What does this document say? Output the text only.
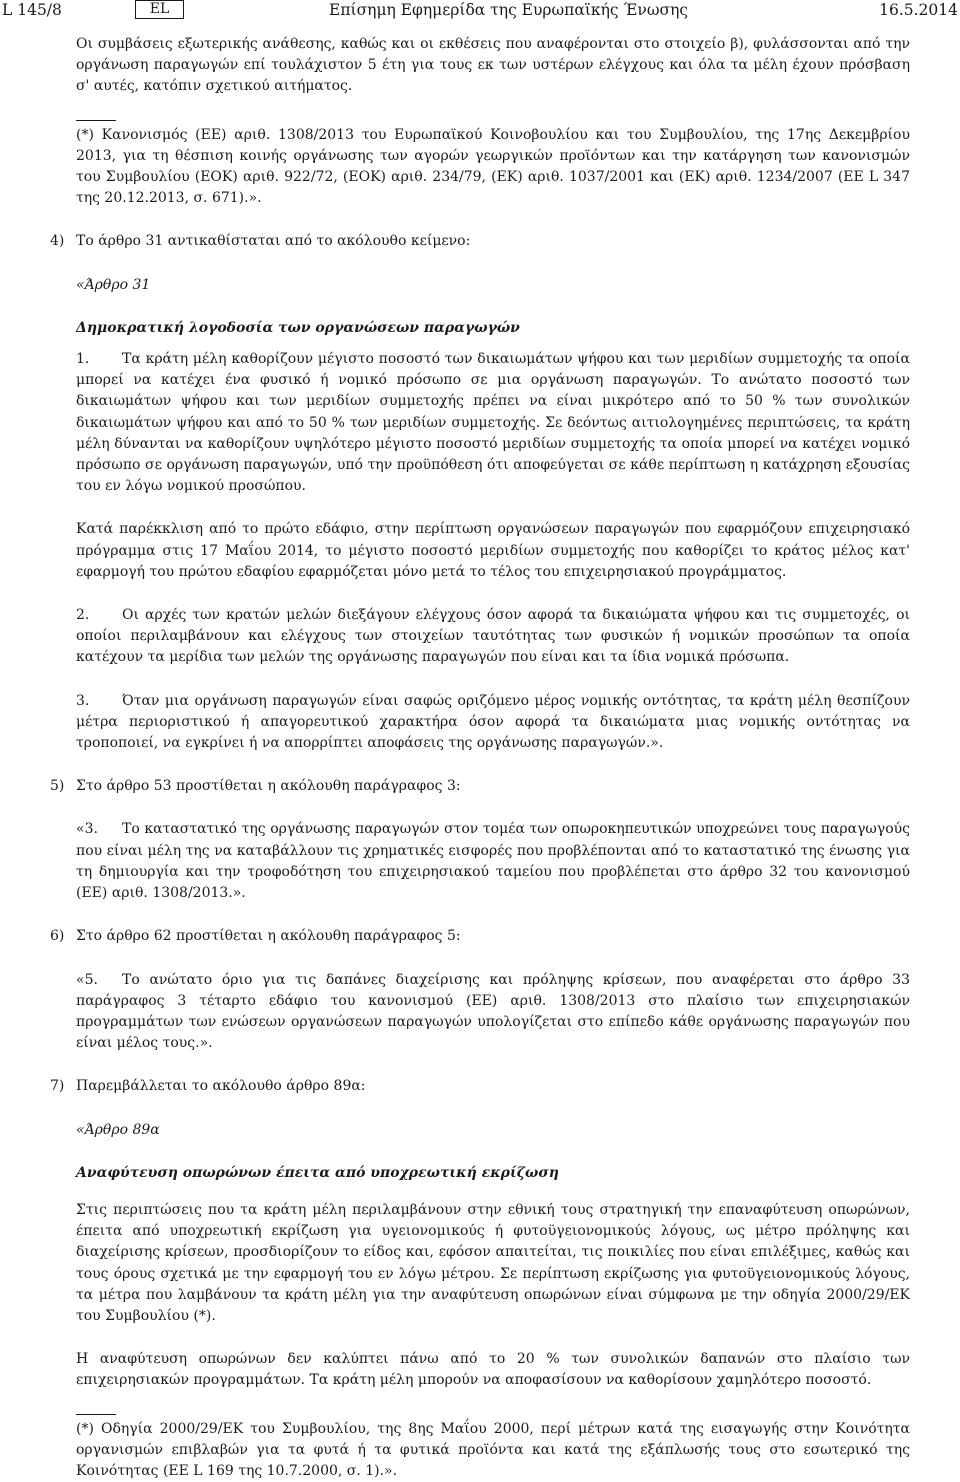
L 145/8	EL	Επίσημη Εφημερίδα της Ευρωπαϊκής Ένωσης	16.5.2014

Οι συμβάσεις εξωτερικής ανάθεσης, καθώς και οι εκθέσεις που αναφέρονται στο στοιχείο β), φυλάσσονται από την οργάνωση παραγωγών επί τουλάχιστον 5 έτη για τους εκ των υστέρων ελέγχους και όλα τα μέλη έχουν πρόσβαση σ' αυτές, κατόπιν σχετικού αιτήματος.

(*) Κανονισμός (ΕΕ) αριθ. 1308/2013 του Ευρωπαϊκού Κοινοβουλίου και του Συμβουλίου, της 17ης Δεκεμβρίου 2013, για τη θέσπιση κοινής οργάνωσης των αγορών γεωργικών προϊόντων και την κατάργηση των κανονισμών του Συμβουλίου (ΕΟΚ) αριθ. 922/72, (ΕΟΚ) αριθ. 234/79, (ΕΚ) αριθ. 1037/2001 και (ΕΚ) αριθ. 1234/2007 (ΕΕ L 347 της 20.12.2013, σ. 671).».

4) Το άρθρο 31 αντικαθίσταται από το ακόλουθο κείμενο:

«Άρθρο 31

Δημοκρατική λογοδοσία των οργανώσεων παραγωγών

1. Τα κράτη μέλη καθορίζουν μέγιστο ποσοστό των δικαιωμάτων ψήφου και των μεριδίων συμμετοχής τα οποία μπορεί να κατέχει ένα φυσικό ή νομικό πρόσωπο σε μια οργάνωση παραγωγών. Το ανώτατο ποσοστό των δικαιωμάτων ψήφου και των μεριδίων συμμετοχής πρέπει να είναι μικρότερο από το 50 % των συνολικών δικαιωμάτων ψήφου και από το 50 % των μεριδίων συμμετοχής. Σε δεόντως αιτιολογημένες περιπτώσεις, τα κράτη μέλη δύνανται να καθορίζουν υψηλότερο μέγιστο ποσοστό μεριδίων συμμετοχής τα οποία μπορεί να κατέχει νομικό πρόσωπο σε οργάνωση παραγωγών, υπό την προϋπόθεση ότι αποφεύγεται σε κάθε περίπτωση η κατάχρηση εξουσίας του εν λόγω νομικού προσώπου.

Κατά παρέκκλιση από το πρώτο εδάφιο, στην περίπτωση οργανώσεων παραγωγών που εφαρμόζουν επιχειρησιακό πρόγραμμα στις 17 Μαΐου 2014, το μέγιστο ποσοστό μεριδίων συμμετοχής που καθορίζει το κράτος μέλος κατ' εφαρμογή του πρώτου εδαφίου εφαρμόζεται μόνο μετά το τέλος του επιχειρησιακού προγράμματος.

2. Οι αρχές των κρατών μελών διεξάγουν ελέγχους όσον αφορά τα δικαιώματα ψήφου και τις συμμετοχές, οι οποίοι περιλαμβάνουν και ελέγχους των στοιχείων ταυτότητας των φυσικών ή νομικών προσώπων τα οποία κατέχουν τα μερίδια των μελών της οργάνωσης παραγωγών που είναι και τα ίδια νομικά πρόσωπα.

3. Όταν μια οργάνωση παραγωγών είναι σαφώς οριζόμενο μέρος νομικής οντότητας, τα κράτη μέλη θεσπίζουν μέτρα περιοριστικού ή απαγορευτικού χαρακτήρα όσον αφορά τα δικαιώματα μιας νομικής οντότητας να τροποποιεί, να εγκρίνει ή να απορρίπτει αποφάσεις της οργάνωσης παραγωγών.».

5) Στο άρθρο 53 προστίθεται η ακόλουθη παράγραφος 3:

«3. Το καταστατικό της οργάνωσης παραγωγών στον τομέα των οπωροκηπευτικών υποχρεώνει τους παραγωγούς που είναι μέλη της να καταβάλλουν τις χρηματικές εισφορές που προβλέπονται από το καταστατικό της ένωσης για τη δημιουργία και την τροφοδότηση του επιχειρησιακού ταμείου που προβλέπεται στο άρθρο 32 του κανονισμού (ΕΕ) αριθ. 1308/2013.».

6) Στο άρθρο 62 προστίθεται η ακόλουθη παράγραφος 5:

«5. Το ανώτατο όριο για τις δαπάνες διαχείρισης και πρόληψης κρίσεων, που αναφέρεται στο άρθρο 33 παράγραφος 3 τέταρτο εδάφιο του κανονισμού (ΕΕ) αριθ. 1308/2013 στο πλαίσιο των επιχειρησιακών προγραμμάτων των ενώσεων οργανώσεων παραγωγών υπολογίζεται στο επίπεδο κάθε οργάνωσης παραγωγών που είναι μέλος τους.».

7) Παρεμβάλλεται το ακόλουθο άρθρο 89α:

«Άρθρο 89α

Αναφύτευση οπωρώνων έπειτα από υποχρεωτική εκρίζωση

Στις περιπτώσεις που τα κράτη μέλη περιλαμβάνουν στην εθνική τους στρατηγική την επαναφύτευση οπωρώνων, έπειτα από υποχρεωτική εκρίζωση για υγειονομικούς ή φυτοϋγειονομικούς λόγους, ως μέτρο πρόληψης και διαχείρισης κρίσεων, προσδιορίζουν το είδος και, εφόσον απαιτείται, τις ποικιλίες που είναι επιλέξιμες, καθώς και τους όρους σχετικά με την εφαρμογή του εν λόγω μέτρου. Σε περίπτωση εκρίζωσης για φυτοϋγειονομικούς λόγους, τα μέτρα που λαμβάνουν τα κράτη μέλη για την αναφύτευση οπωρώνων είναι σύμφωνα με την οδηγία 2000/29/ΕΚ του Συμβουλίου (*).

Η αναφύτευση οπωρώνων δεν καλύπτει πάνω από το 20 % των συνολικών δαπανών στο πλαίσιο των επιχειρησιακών προγραμμάτων. Τα κράτη μέλη μπορούν να αποφασίσουν να καθορίσουν χαμηλότερο ποσοστό.

(*) Οδηγία 2000/29/ΕΚ του Συμβουλίου, της 8ης Μαΐου 2000, περί μέτρων κατά της εισαγωγής στην Κοινότητα οργανισμών επιβλαβών για τα φυτά ή τα φυτικά προϊόντα και κατά της εξάπλωσής τους στο εσωτερικό της Κοινότητας (ΕΕ L 169 της 10.7.2000, σ. 1).».
